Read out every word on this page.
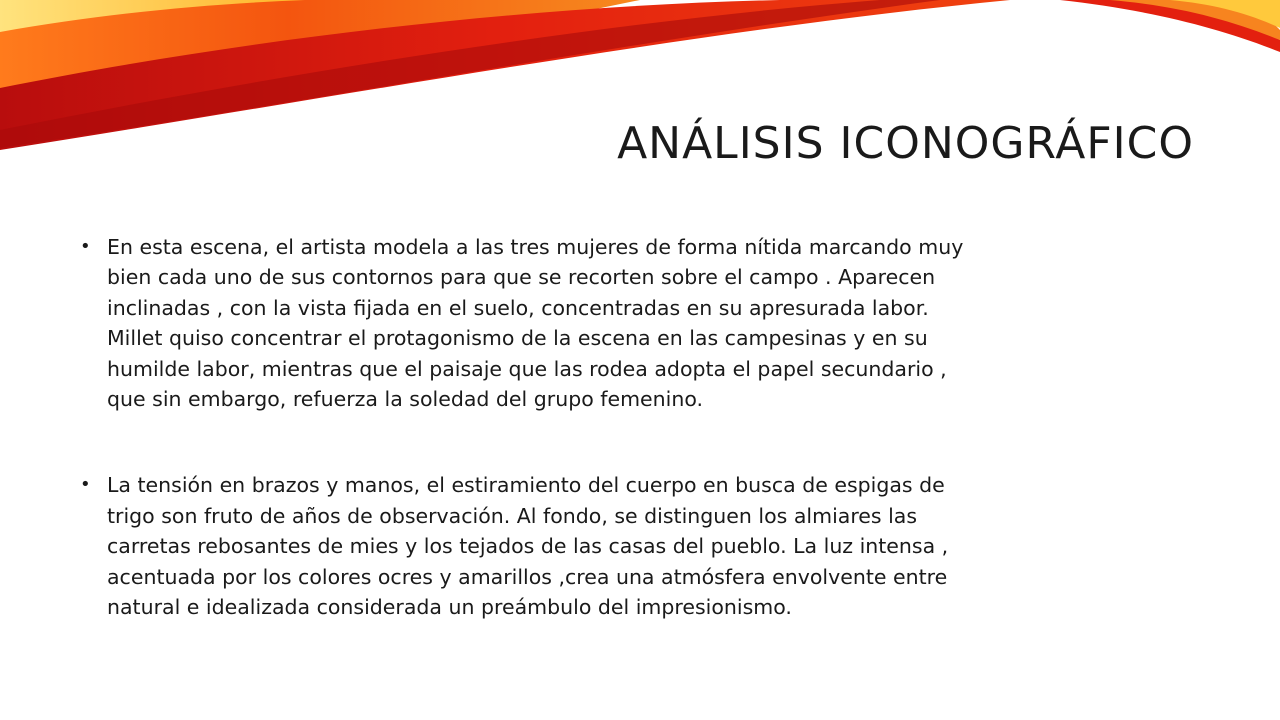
ANÁLISIS ICONOGRÁFICO
• En esta escena, el artista modela a las tres mujeres de forma nítida marcando muy
bien cada uno de sus contornos para que se recorten sobre el campo . Aparecen
inclinadas , con la vista fijada en el suelo, concentradas en su apresurada labor.
Millet quiso concentrar el protagonismo de la escena en las campesinas y en su
humilde labor, mientras que el paisaje que las rodea adopta el papel secundario ,
que sin embargo, refuerza la soledad del grupo femenino.
• La tensión en brazos y manos, el estiramiento del cuerpo en busca de espigas de
trigo son fruto de años de observación. Al fondo, se distinguen los almiares las
carretas rebosantes de mies y los tejados de las casas del pueblo. La luz intensa ,
acentuada por los colores ocres y amarillos ,crea una atmósfera envolvente entre
natural e idealizada considerada un preámbulo del impresionismo.
